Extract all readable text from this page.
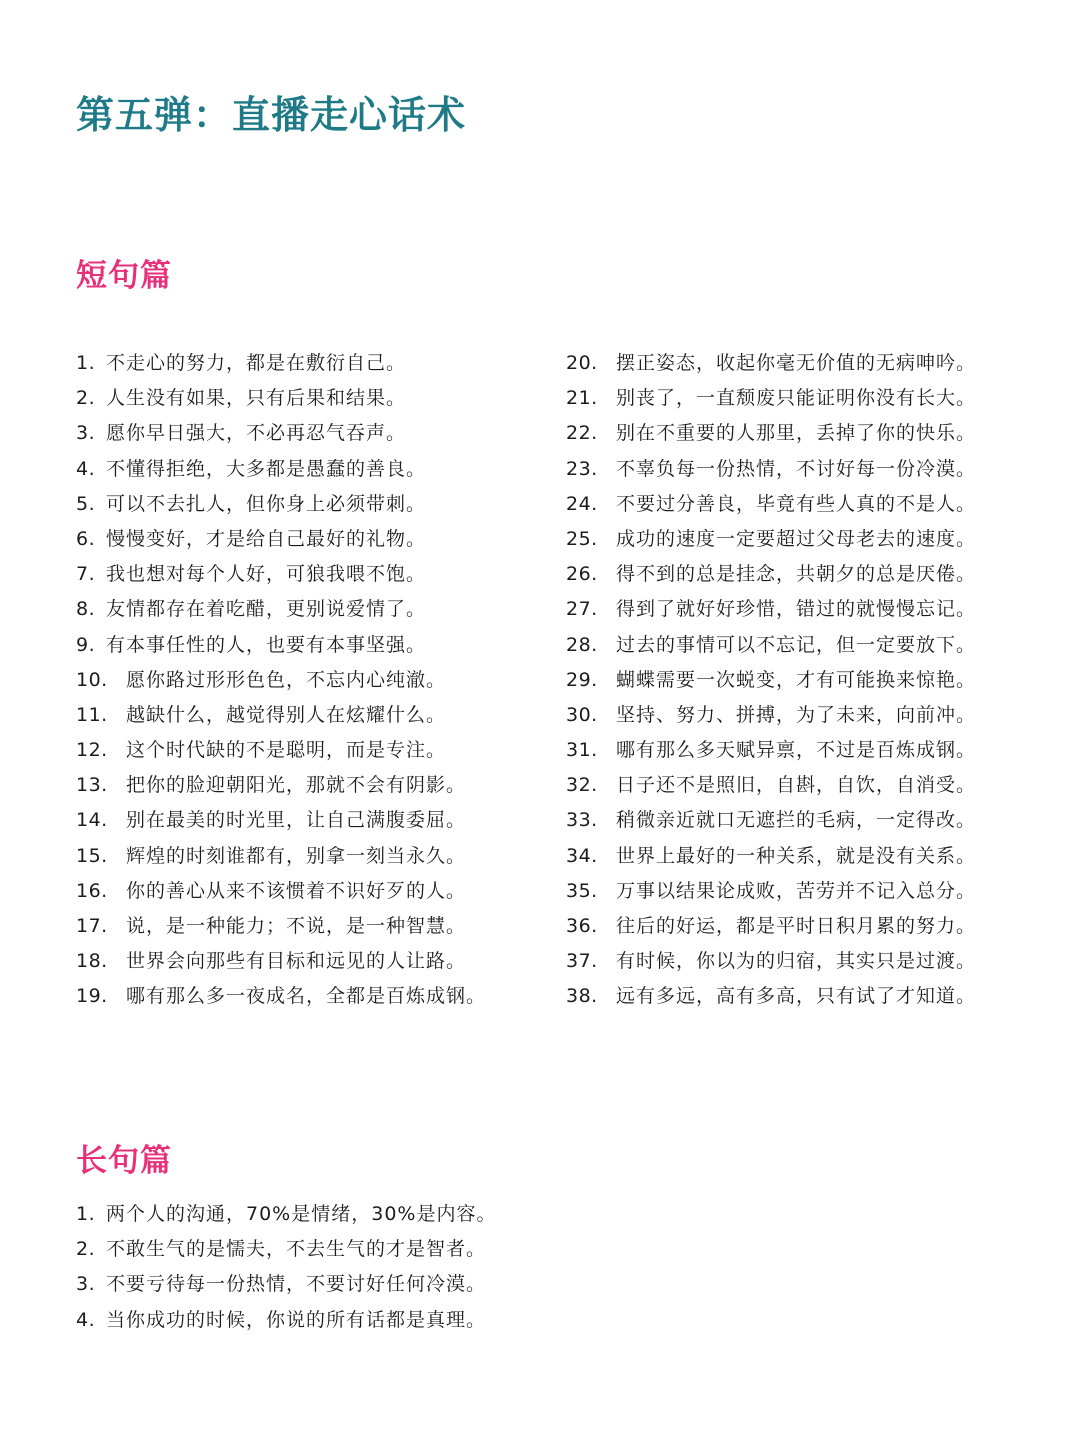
第五弹：直播走心话术
短句篇
1. 不走心的努力，都是在敷衍自己。
2. 人生没有如果，只有后果和结果。
3. 愿你早日强大，不必再忍气吞声。
4. 不懂得拒绝，大多都是愚蠢的善良。
5. 可以不去扎人，但你身上必须带刺。
6. 慢慢变好，才是给自己最好的礼物。
7. 我也想对每个人好，可狼我喂不饱。
8. 友情都存在着吃醋，更别说爱情了。
9. 有本事任性的人，也要有本事坚强。
10. 愿你路过形形色色，不忘内心纯澈。
11. 越缺什么，越觉得别人在炫耀什么。
12. 这个时代缺的不是聪明，而是专注。
13. 把你的脸迎朝阳光，那就不会有阴影。
14. 别在最美的时光里，让自己满腹委屈。
15. 辉煌的时刻谁都有，别拿一刻当永久。
16. 你的善心从来不该惯着不识好歹的人。
17. 说，是一种能力；不说，是一种智慧。
18. 世界会向那些有目标和远见的人让路。
19. 哪有那么多一夜成名，全都是百炼成钢。
20. 摆正姿态，收起你毫无价值的无病呻吟。
21. 别丧了，一直颓废只能证明你没有长大。
22. 别在不重要的人那里，丢掉了你的快乐。
23. 不辜负每一份热情，不讨好每一份冷漠。
24. 不要过分善良，毕竟有些人真的不是人。
25. 成功的速度一定要超过父母老去的速度。
26. 得不到的总是挂念，共朝夕的总是厌倦。
27. 得到了就好好珍惜，错过的就慢慢忘记。
28. 过去的事情可以不忘记，但一定要放下。
29. 蝴蝶需要一次蜕变，才有可能换来惊艳。
30. 坚持、努力、拼搏，为了未来，向前冲。
31. 哪有那么多天赋异禀，不过是百炼成钢。
32. 日子还不是照旧，自斟，自饮，自消受。
33. 稍微亲近就口无遮拦的毛病，一定得改。
34. 世界上最好的一种关系，就是没有关系。
35. 万事以结果论成败，苦劳并不记入总分。
36. 往后的好运，都是平时日积月累的努力。
37. 有时候，你以为的归宿，其实只是过渡。
38. 远有多远，高有多高，只有试了才知道。
长句篇
1. 两个人的沟通，70%是情绪，30%是内容。
2. 不敢生气的是懦夫，不去生气的才是智者。
3. 不要亏待每一份热情，不要讨好任何冷漠。
4. 当你成功的时候，你说的所有话都是真理。
